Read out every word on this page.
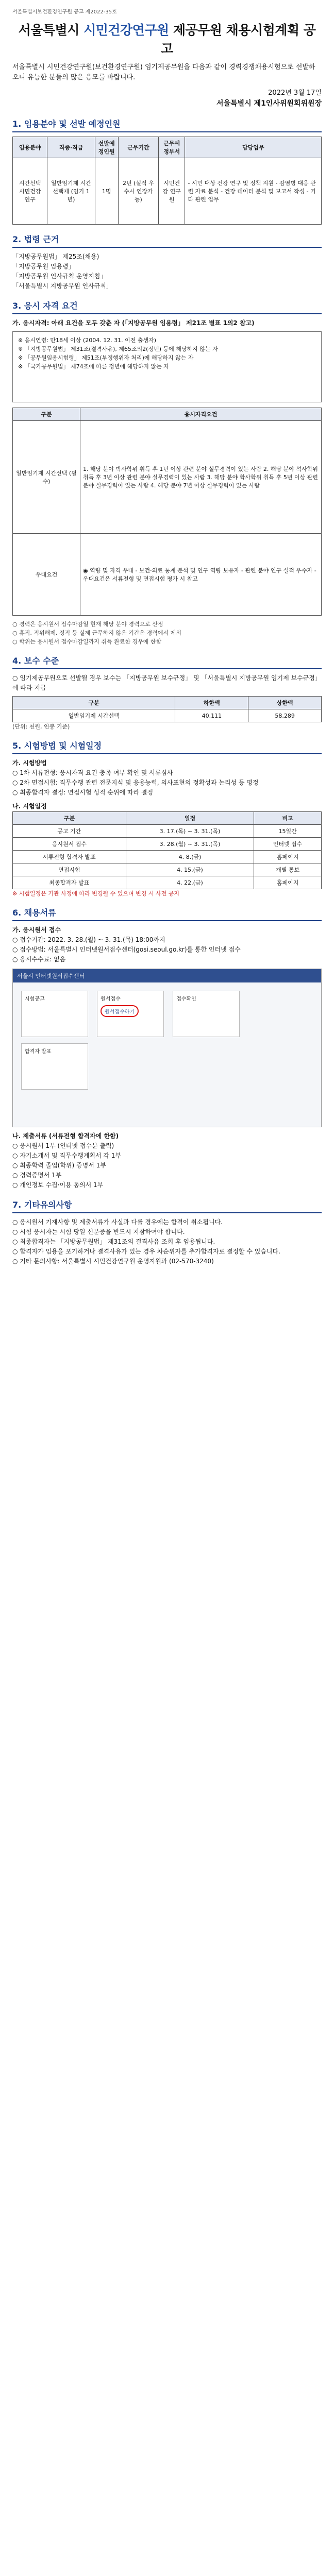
서울특별시보건환경연구원 공고 제2022-35호
서울특별시 시민건강연구원 제공무원 채용시험계획 공고
서울특별시 시민건강연구원(보건환경연구원) 임기제공무원을 다음과 같이 경력경쟁채용시험으로 선발하오니 유능한 분들의 많은 응모를 바랍니다.
2022년 3월 17일
서울특별시 제1인사위원회위원장
1. 임용분야 및 선발 예정인원
임용분야	직종·직급	선발예정인원	근무기간	근무예정부서	담당업무
시간선택 시민건강 연구	일반임기제 시간선택제 (임기 1년)	1명	2년 (실적 우수시 연장가능)	시민건강 연구원	- 시민 대상 건강 연구 및 정책 지원 - 감염병 대응 관련 자료 분석 - 건강 데이터 분석 및 보고서 작성 - 기타 관련 업무
2. 법령 근거
「지방공무원법」 제25조(채용)
「지방공무원 임용령」
「지방공무원 인사규칙 운영지침」
「서울특별시 지방공무원 인사규칙」
3. 응시 자격 요건
가. 응시자격: 아래 요건을 모두 갖춘 자 (「지방공무원 임용령」 제21조 별표 1의2 참고)
※ 응시연령: 만18세 이상 (2004. 12. 31. 이전 출생자)
※ 「지방공무원법」 제31조(결격사유), 제65조의2(정년) 등에 해당하지 않는 자
※ 「공무원임용시험령」 제51조(부정행위자 처리)에 해당하지 않는 자
※ 「국가공무원법」 제74조에 따른 정년에 해당하지 않는 자
구분	응시자격요건
일반임기제 시간선택 (필수)	1. 해당 분야 박사학위 취득 후 1년 이상 관련 분야 실무경력이 있는 사람 2. 해당 분야 석사학위 취득 후 3년 이상 관련 분야 실무경력이 있는 사람 3. 해당 분야 학사학위 취득 후 5년 이상 관련 분야 실무경력이 있는 사람 4. 해당 분야 7년 이상 실무경력이 있는 사람
우대요건	◉ 역량 및 자격 우대 - 보건·의료 통계 분석 및 연구 역량 보유자 - 관련 분야 연구 실적 우수자 - 우대요건은 서류전형 및 면접시험 평가 시 참고
○ 경력은 응시원서 접수마감일 현재 해당 분야 경력으로 산정
○ 휴직, 직위해제, 정직 등 실제 근무하지 않은 기간은 경력에서 제외
○ 학위는 응시원서 접수마감일까지 취득 완료한 경우에 한함
4. 보수 수준
○ 임기제공무원으로 선발될 경우 보수는 「지방공무원 보수규정」 및 「서울특별시 지방공무원 임기제 보수규정」에 따라 지급
구분	하한액	상한액
일반임기제 시간선택	40,111	58,289
(단위: 천원, 연봉 기준)
5. 시험방법 및 시험일정
가. 시험방법
○ 1차 서류전형: 응시자격 요건 충족 여부 확인 및 서류심사
○ 2차 면접시험: 직무수행 관련 전문지식 및 응용능력, 의사표현의 정확성과 논리성 등 평정
○ 최종합격자 결정: 면접시험 성적 순위에 따라 결정
나. 시험일정
구분	일정	비고
공고 기간	3. 17.(목) ~ 3. 31.(목)	15일간
응시원서 접수	3. 28.(월) ~ 3. 31.(목)	인터넷 접수
서류전형 합격자 발표	4. 8.(금)	홈페이지
면접시험	4. 15.(금)	개별 통보
최종합격자 발표	4. 22.(금)	홈페이지
※ 시험일정은 기관 사정에 따라 변경될 수 있으며 변경 시 사전 공지
6. 채용서류
가. 응시원서 접수
○ 접수기간: 2022. 3. 28.(월) ~ 3. 31.(목) 18:00까지
○ 접수방법: 서울특별시 인터넷원서접수센터(gosi.seoul.go.kr)를 통한 인터넷 접수
○ 응시수수료: 없음
서울시 인터넷원서접수센터
시험공고	원서접수
원서접수하기 접수확인 합격자 발표
나. 제출서류 (서류전형 합격자에 한함)
○ 응시원서 1부 (인터넷 접수분 출력)
○ 자기소개서 및 직무수행계획서 각 1부
○ 최종학력 졸업(학위) 증명서 1부
○ 경력증명서 1부
○ 개인정보 수집·이용 동의서 1부
7. 기타유의사항
○ 응시원서 기재사항 및 제출서류가 사실과 다를 경우에는 합격이 취소됩니다.
○ 시험 응시자는 시험 당일 신분증을 반드시 지참하여야 합니다.
○ 최종합격자는 「지방공무원법」 제31조의 결격사유 조회 후 임용됩니다.
○ 합격자가 임용을 포기하거나 결격사유가 있는 경우 차순위자를 추가합격자로 결정할 수 있습니다.
○ 기타 문의사항: 서울특별시 시민건강연구원 운영지원과 (02-570-3240)
